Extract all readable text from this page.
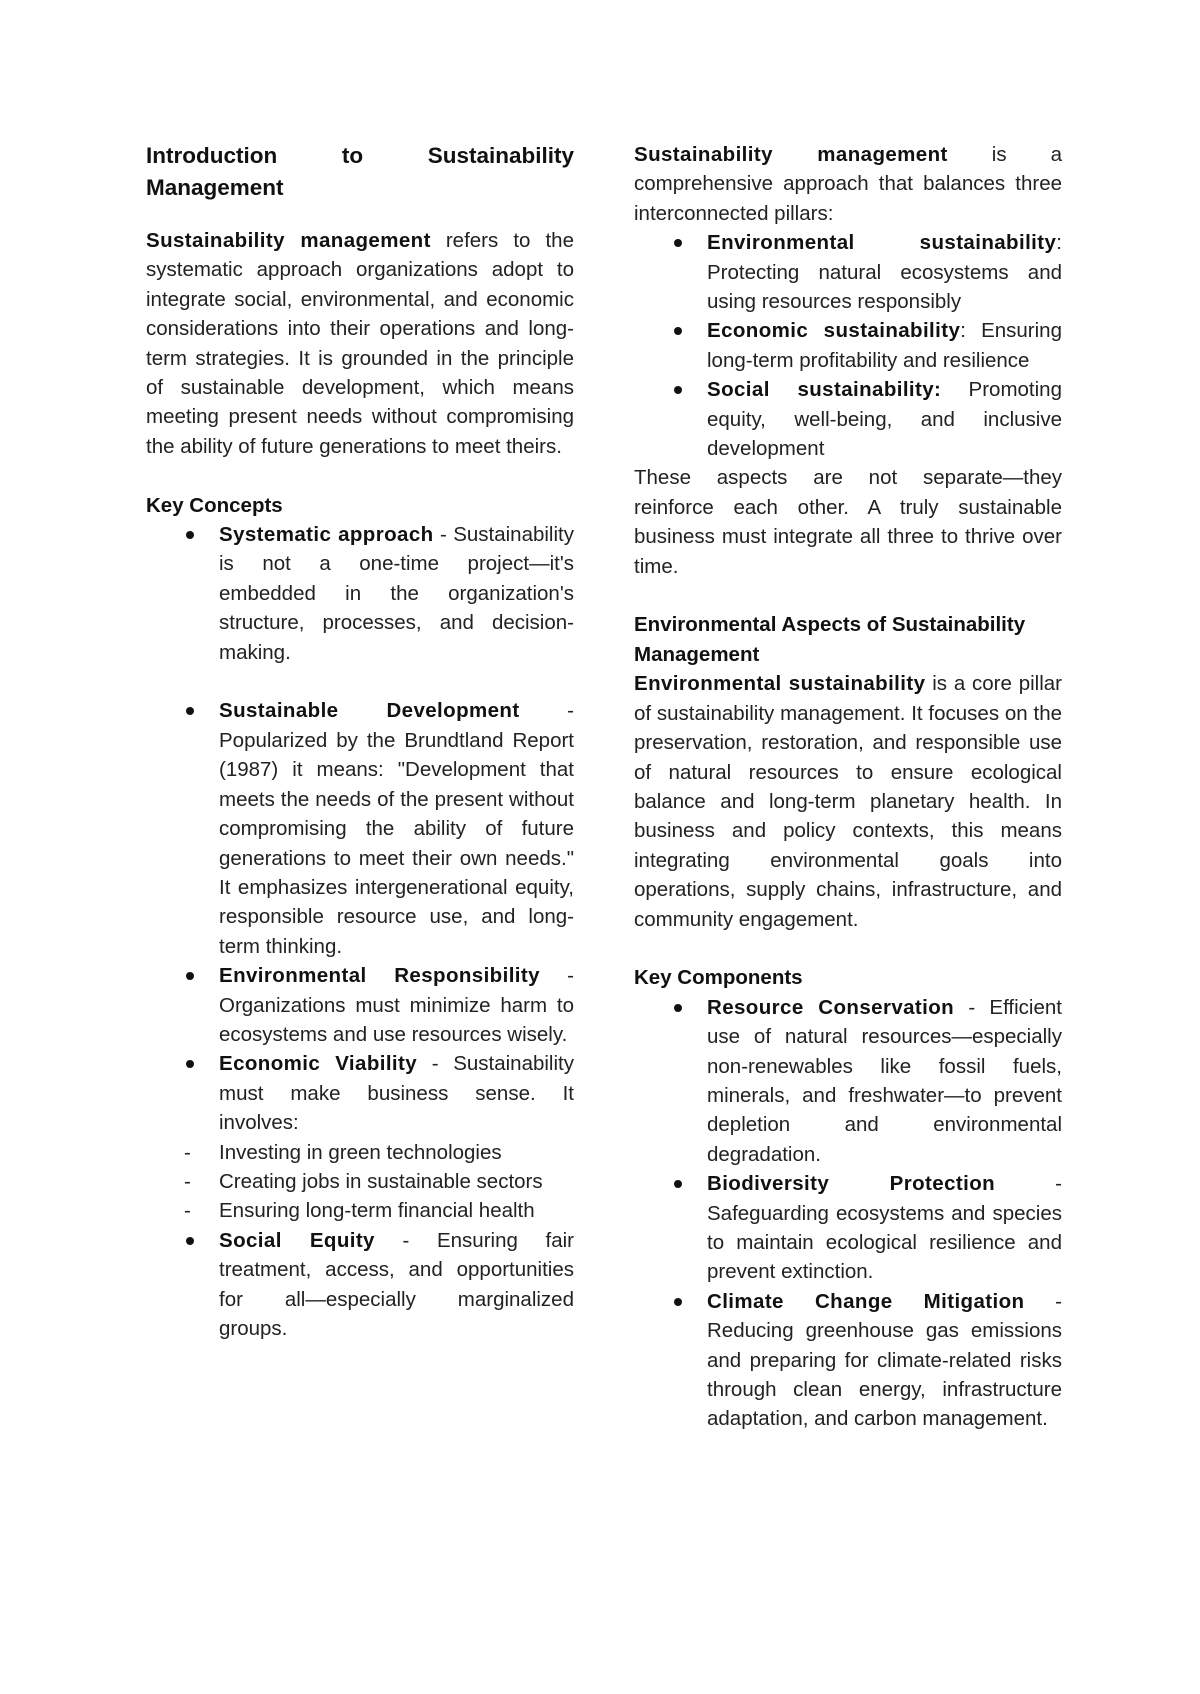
Introduction to Sustainability Management

Sustainability management refers to the systematic approach organizations adopt to integrate social, environmental, and economic considerations into their operations and long-term strategies. It is grounded in the principle of sustainable development, which means meeting present needs without compromising the ability of future generations to meet theirs.

Key Concepts
Systematic approach - Sustainability is not a one-time project—it's embedded in the organization's structure, processes, and decision-making.
Sustainable Development - Popularized by the Brundtland Report (1987) it means: "Development that meets the needs of the present without compromising the ability of future generations to meet their own needs." It emphasizes intergenerational equity, responsible resource use, and long-term thinking.
Environmental Responsibility - Organizations must minimize harm to ecosystems and use resources wisely.
Economic Viability - Sustainability must make business sense. It involves:
- Investing in green technologies
- Creating jobs in sustainable sectors
- Ensuring long-term financial health
Social Equity - Ensuring fair treatment, access, and opportunities for all—especially marginalized groups.

Sustainability management is a comprehensive approach that balances three interconnected pillars:

Environmental sustainability: Protecting natural ecosystems and using resources responsibly
Economic sustainability: Ensuring long-term profitability and resilience
Social sustainability: Promoting equity, well-being, and inclusive development

These aspects are not separate—they reinforce each other. A truly sustainable business must integrate all three to thrive over time.

Environmental Aspects of Sustainability Management

Environmental sustainability is a core pillar of sustainability management. It focuses on the preservation, restoration, and responsible use of natural resources to ensure ecological balance and long-term planetary health. In business and policy contexts, this means integrating environmental goals into operations, supply chains, infrastructure, and community engagement.

Key Components
Resource Conservation - Efficient use of natural resources—especially non-renewables like fossil fuels, minerals, and freshwater—to prevent depletion and environmental degradation.
Biodiversity Protection - Safeguarding ecosystems and species to maintain ecological resilience and prevent extinction.
Climate Change Mitigation - Reducing greenhouse gas emissions and preparing for climate-related risks through clean energy, infrastructure adaptation, and carbon management.
